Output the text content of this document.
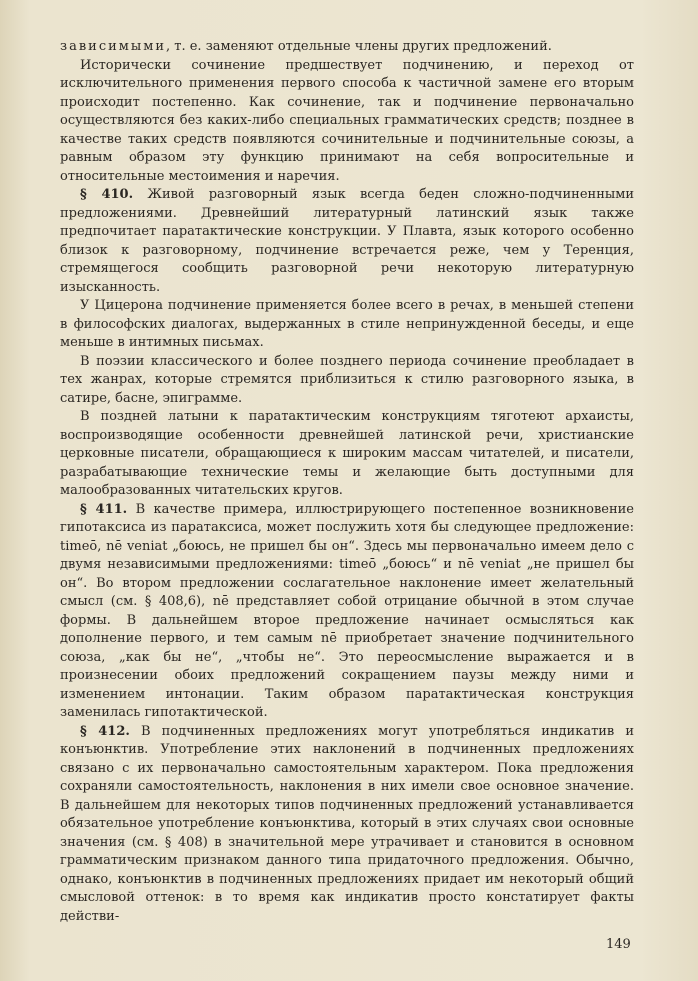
зависимыми, т. е. заменяют отдельные члены других предложений.

Исторически сочинение предшествует подчинению, и переход от исключительного применения первого способа к частичной замене его вторым происходит постепенно. Как сочинение, так и подчинение первоначально осуществляются без каких-либо специальных грамматических средств; позднее в качестве таких средств появляются сочинительные и подчинительные союзы, а равным образом эту функцию принимают на себя вопросительные и относительные местоимения и наречия.

§ 410. Живой разговорный язык всегда беден сложно-подчиненными предложениями. Древнейший литературный латинский язык также предпочитает паратактические конструкции. У Плавта, язык которого особенно близок к разговорному, подчинение встречается реже, чем у Теренция, стремящегося сообщить разговорной речи некоторую литературную изысканность.

У Цицерона подчинение применяется более всего в речах, в меньшей степени в философских диалогах, выдержанных в стиле непринужденной беседы, и еще меньше в интимных письмах.

В поэзии классического и более позднего периода сочинение преобладает в тех жанрах, которые стремятся приблизиться к стилю разговорного языка, в сатире, басне, эпиграмме.

В поздней латыни к паратактическим конструкциям тяготеют архаисты, воспроизводящие особенности древнейшей латинской речи, христианские церковные писатели, обращающиеся к широким массам читателей, и писатели, разрабатывающие технические темы и желающие быть доступными для малообразованных читательских кругов.

§ 411. В качестве примера, иллюстрирующего постепенное возникновение гипотаксиса из паратаксиса, может послужить хотя бы следующее предложение: timeō, nē veniat „боюсь, не пришел бы он“. Здесь мы первоначально имеем дело с двумя независимыми предложениями: timeō „боюсь“ и nē veniat „не пришел бы он“. Во втором предложении сослагательное наклонение имеет желательный смысл (см. § 408,6), nē представляет собой отрицание обычной в этом случае формы. В дальнейшем второе предложение начинает осмысляться как дополнение первого, и тем самым nē приобретает значение подчинительного союза, „как бы не“, „чтобы не“. Это переосмысление выражается и в произнесении обоих предложений сокращением паузы между ними и изменением интонации. Таким образом паратактическая конструкция заменилась гипотактической.

§ 412. В подчиненных предложениях могут употребляться индикатив и конъюнктив. Употребление этих наклонений в подчиненных предложениях связано с их первоначально самостоятельным характером. Пока предложения сохраняли самостоятельность, наклонения в них имели свое основное значение. В дальнейшем для некоторых типов подчиненных предложений устанавливается обязательное употребление конъюнктива, который в этих случаях свои основные значения (см. § 408) в значительной мере утрачивает и становится в основном грамматическим признаком данного типа придаточного предложения. Обычно, однако, конъюнктив в подчиненных предложениях придает им некоторый общий смысловой оттенок: в то время как индикатив просто констатирует факты действи-

149
